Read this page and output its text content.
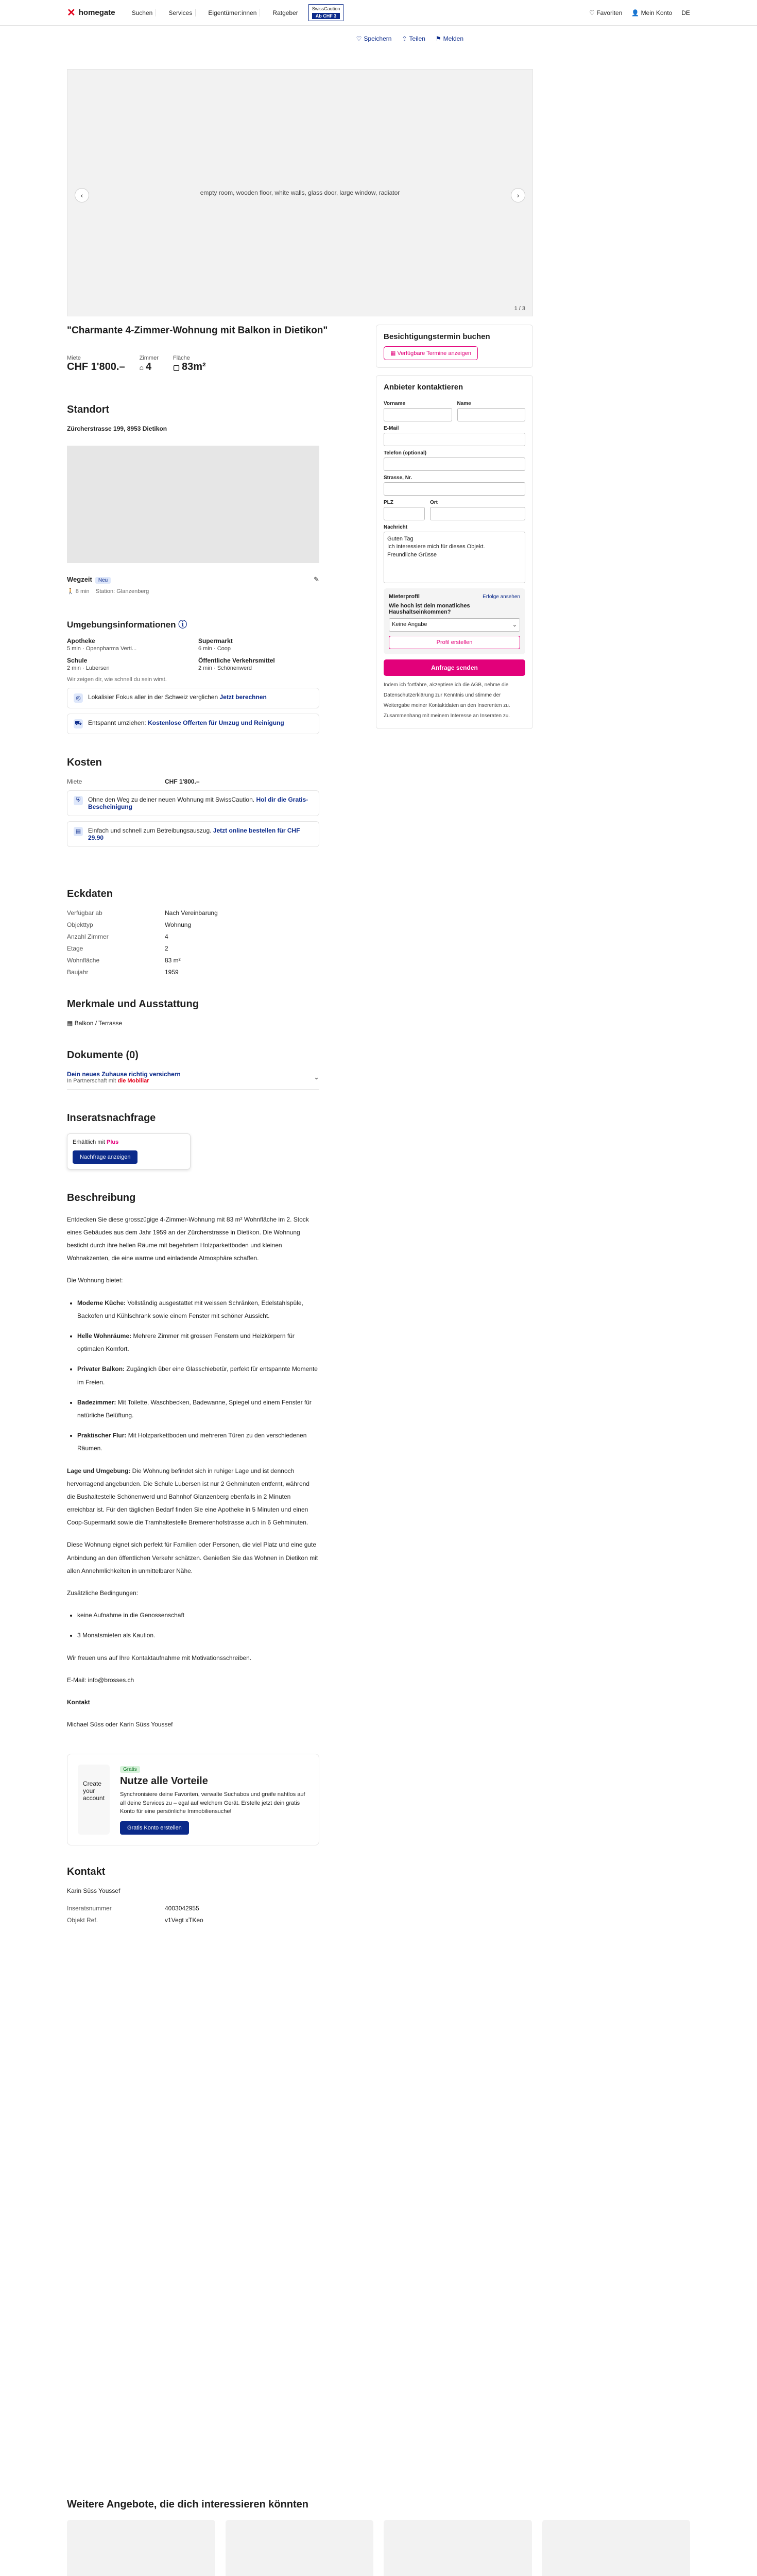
✕ homegate	Suchen	Services	Eigentümer:innen	Ratgeber
SwissCaution
Ab CHF 3	♡ Favoriten 👤 Mein Konto DE
♡ Speichern ⇪ Teilen ⚑ Melden
empty room, wooden floor, white walls, glass door, large window, radiator
‹	›
1 / 3
"Charmante 4-Zimmer-Wohnung mit Balkon in Dietikon"
Miete
CHF 1'800.–
Zimmer
⌂ 4
Fläche
▢ 83m²
Standort
Zürcherstrasse 199, 8953 Dietikon
Wegzeit Neu	✎
🚶 8 min Station: Glanzenberg
Umgebungsinformationen ⓘ
Apotheke
5 min · Openpharma Verti...
Supermarkt
6 min · Coop
Schule
2 min · Lubersen
Öffentliche Verkehrsmittel
2 min · Schönenwerd
Wir zeigen dir, wie schnell du sein wirst.
◎	Lokalisier Fokus aller in der Schweiz verglichen Jetzt berechnen
⛟ Entspannt umziehen: Kostenlose Offerten für Umzug und Reinigung
Kosten
Miete	CHF 1'800.–
⛨	Ohne den Weg zu deiner neuen Wohnung mit SwissCaution. Hol dir die Gratis-Bescheinigung
▤	Einfach und schnell zum Betreibungsauszug. Jetzt online bestellen für CHF 29.90
Eckdaten
Verfügbar ab	Nach Vereinbarung
Objekttyp	Wohnung
Anzahl Zimmer	4
Etage	2
Wohnfläche	83 m²
Baujahr	1959
Merkmale und Ausstattung
▦ Balkon / Terrasse
Dokumente (0)
Dein neues Zuhause richtig versichern
In Partnerschaft mit die Mobiliar	⌄
Inseratsnachfrage
Erhältlich mit Plus
Nachfrage anzeigen
Beschreibung

Entdecken Sie diese grosszügige 4-Zimmer-Wohnung mit 83 m² Wohnfläche im 2. Stock eines Gebäudes aus dem Jahr 1959 an der Zürcherstrasse in Dietikon. Die Wohnung besticht durch ihre hellen Räume mit begehrtem Holzparkettboden und kleinen Wohnakzenten, die eine warme und einladende Atmosphäre schaffen.

Die Wohnung bietet:

• Moderne Küche: Vollständig ausgestattet mit weissen Schränken, Edelstahlspüle, Backofen und Kühlschrank sowie einem Fenster mit schöner Aussicht.
• Helle Wohnräume: Mehrere Zimmer mit grossen Fenstern und Heizkörpern für optimalen Komfort.
• Privater Balkon: Zugänglich über eine Glasschiebetür, perfekt für entspannte Momente im Freien.
• Badezimmer: Mit Toilette, Waschbecken, Badewanne, Spiegel und einem Fenster für natürliche Belüftung.
• Praktischer Flur: Mit Holzparkettboden und mehreren Türen zu den verschiedenen Räumen.

Lage und Umgebung: Die Wohnung befindet sich in ruhiger Lage und ist dennoch hervorragend angebunden. Die Schule Lubersen ist nur 2 Gehminuten entfernt, während die Bushaltestelle Schönenwerd und Bahnhof Glanzenberg ebenfalls in 2 Minuten erreichbar ist. Für den täglichen Bedarf finden Sie eine Apotheke in 5 Minuten und einen Coop-Supermarkt sowie die Tramhaltestelle Bremerenhofstrasse auch in 6 Gehminuten.

Diese Wohnung eignet sich perfekt für Familien oder Personen, die viel Platz und eine gute Anbindung an den öffentlichen Verkehr schätzen. Genießen Sie das Wohnen in Dietikon mit allen Annehmlichkeiten in unmittelbarer Nähe.

Zusätzliche Bedingungen:

• keine Aufnahme in die Genossenschaft
• 3 Monatsmieten als Kaution.

Wir freuen uns auf Ihre Kontaktaufnahme mit Motivationsschreiben.

E-Mail: info@brosses.ch

Kontakt

Michael Süss oder Karin Süss Youssef

Create your account
Gratis
Nutze alle Vorteile
Synchronisiere deine Favoriten, verwalte Suchabos und greife nahtlos auf all deine Services zu – egal auf welchem Gerät. Erstelle jetzt dein gratis Konto für eine persönliche Immobiliensuche!
Gratis Konto erstellen
Kontakt
Karin Süss Youssef
Inseratsnummer	4003042955
Objekt Ref.	v1Vegt xTKeo
Besichtigungstermin buchen
▦ Verfügbare Termine anzeigen
Anbieter kontaktieren
Vorname	Name
E-Mail
Telefon (optional)
Strasse, Nr.
PLZ	Ort
Nachricht
Guten Tag
Ich interessiere mich für dieses Objekt.
Freundliche Grüsse
Mieterprofil	Erfolge ansehen
Wie hoch ist dein monatliches Haushaltseinkommen?
Keine Angabe	⌄
Profil erstellen
Anfrage senden
Indem ich fortfahre, akzeptiere ich die AGB, nehme die Datenschutzerklärung zur Kenntnis und stimme der Weitergabe meiner Kontaktdaten an den Inserenten zu. Zusammenhang mit meinem Interesse an Inseraten zu.
Weitere Angebote, die dich interessieren könnten
